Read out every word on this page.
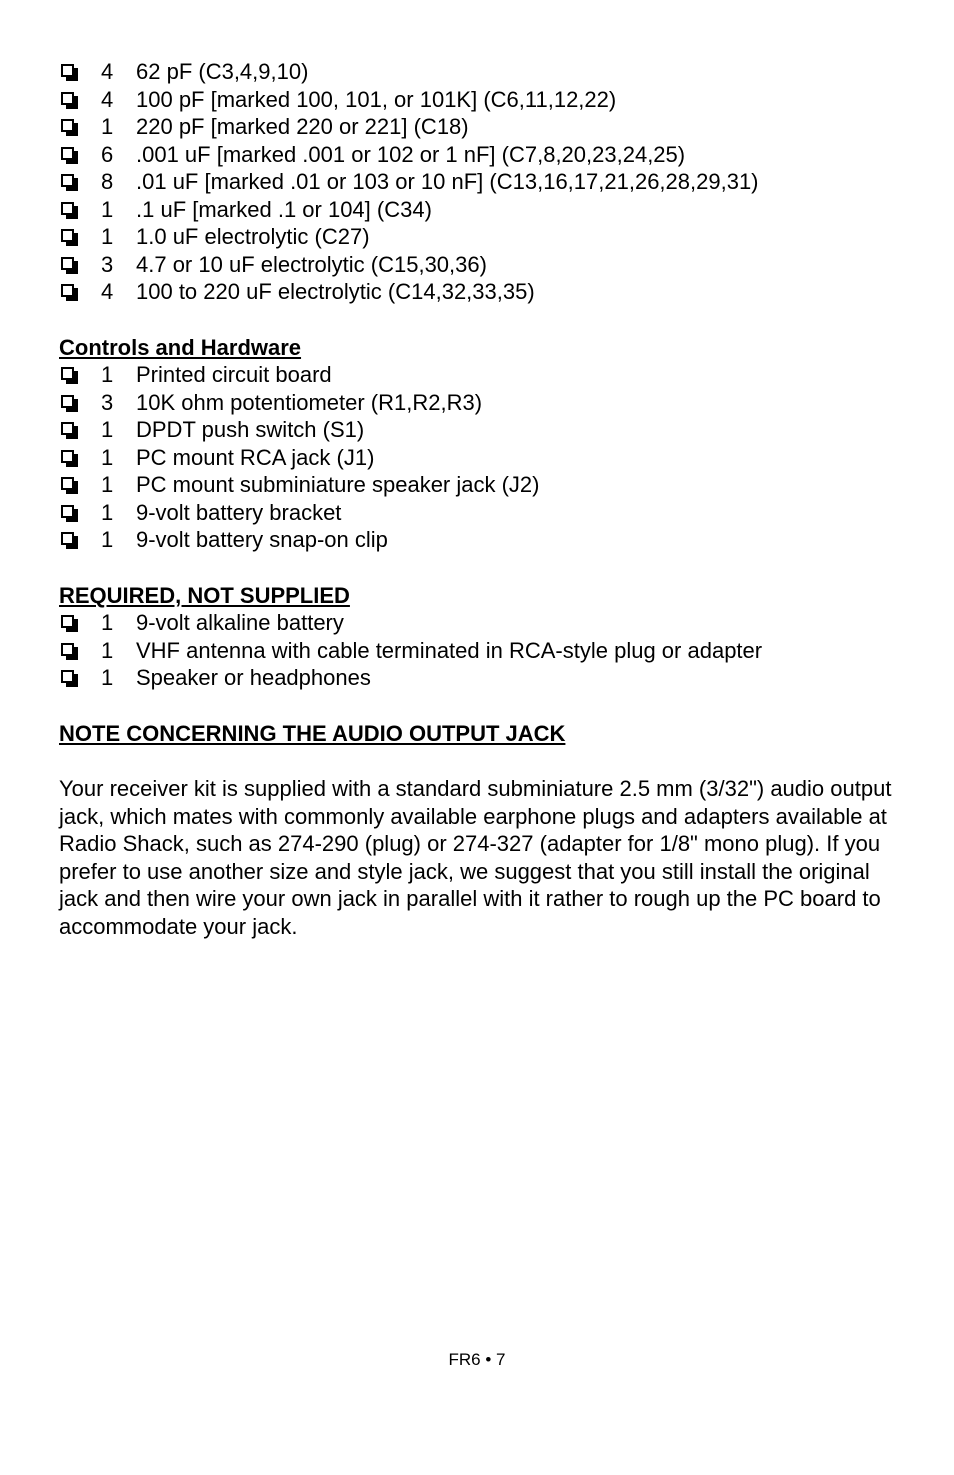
4 62 pF (C3,4,9,10)
4 100 pF [marked 100, 101, or 101K] (C6,11,12,22)
1 220 pF [marked 220 or 221] (C18)
6 .001 uF [marked .001 or 102 or 1 nF] (C7,8,20,23,24,25)
8 .01 uF [marked .01 or 103 or 10 nF] (C13,16,17,21,26,28,29,31)
1 .1 uF [marked .1 or 104] (C34)
1 1.0 uF electrolytic (C27)
3 4.7 or 10 uF electrolytic (C15,30,36)
4 100 to 220 uF electrolytic (C14,32,33,35)
Controls and Hardware
1 Printed circuit board
3 10K ohm potentiometer (R1,R2,R3)
1 DPDT push switch (S1)
1 PC mount RCA jack (J1)
1 PC mount subminiature speaker jack (J2)
1 9-volt battery bracket
1 9-volt battery snap-on clip
REQUIRED, NOT SUPPLIED
1 9-volt alkaline battery
1 VHF antenna with cable terminated in RCA-style plug or adapter
1 Speaker or headphones
NOTE CONCERNING THE AUDIO OUTPUT JACK

Your receiver kit is supplied with a standard subminiature 2.5 mm (3/32") audio output jack, which mates with commonly available earphone plugs and adapters available at Radio Shack, such as 274-290 (plug) or 274-327 (adapter for 1/8" mono plug). If you prefer to use another size and style jack, we suggest that you still install the original jack and then wire your own jack in parallel with it rather to rough up the PC board to accommodate your jack.

FR6 • 7
